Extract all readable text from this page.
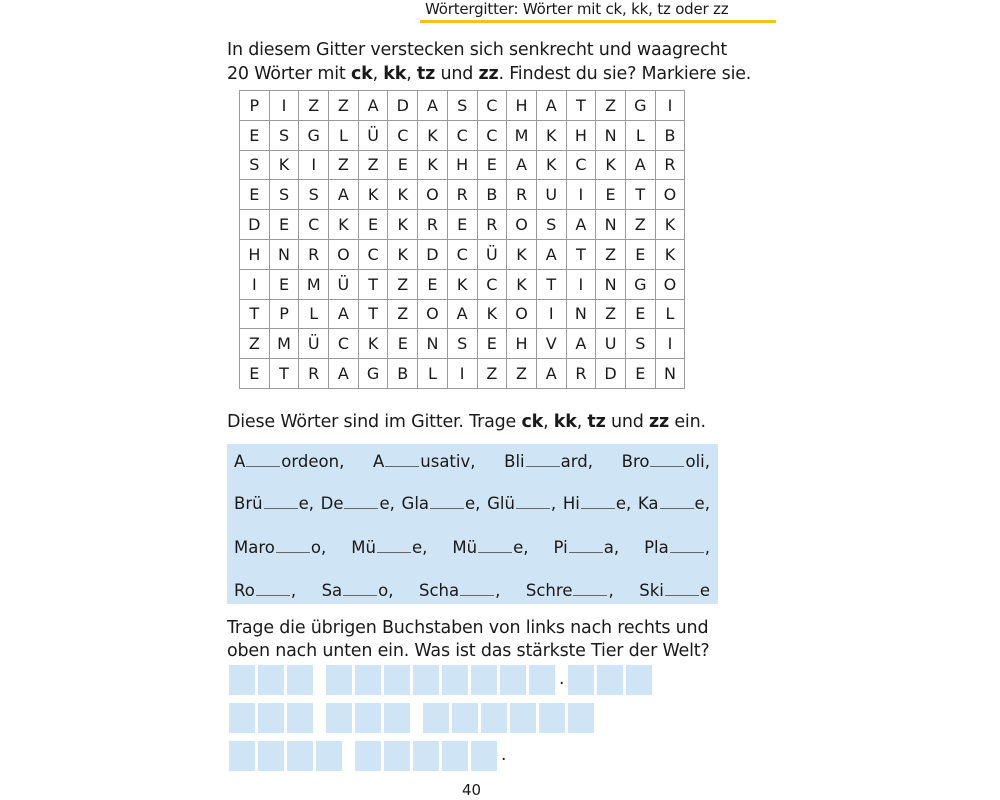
Wörtergitter: Wörter mit ck, kk, tz oder zz
In diesem Gitter verstecken sich senkrecht und waagrecht
20 Wörter mit ck, kk, tz und zz. Findest du sie? Markiere sie.
P	I	Z	Z	A	D	A	S	C	H	A	T	Z	G	I
E	S	G	L	Ü	C	K	C	C	M	K	H	N	L	B
S	K	I	Z	Z	E	K	H	E	A	K	C	K	A	R
E	S	S	A	K	K	O	R	B	R	U	I	E	T	O
D	E	C	K	E	K	R	E	R	O	S	A	N	Z	K
H	N	R	O	C	K	D	C	Ü	K	A	T	Z	E	K
I	E	M	Ü	T	Z	E	K	C	K	T	I	N	G	O
T	P	L	A	T	Z	O	A	K	O	I	N	Z	E	L
Z	M	Ü	C	K	E	N	S	E	H	V	A	U	S	I
E	T	R	A	G	B	L	I	Z	Z	A	R	D	E	N
Diese Wörter sind im Gitter. Trage ck, kk, tz und zz ein.
A ordeon, A usativ, Bli ard, Bro oli,
Brü e, De e, Gla e, Glü , Hi e, Ka e,
Maro o, Mü e, Mü e, Pi a, Pla ,
Ro , Sa o, Scha , Schre , Ski e
Trage die übrigen Buchstaben von links nach rechts und
oben nach unten ein. Was ist das stärkste Tier der Welt?
.
.
40
